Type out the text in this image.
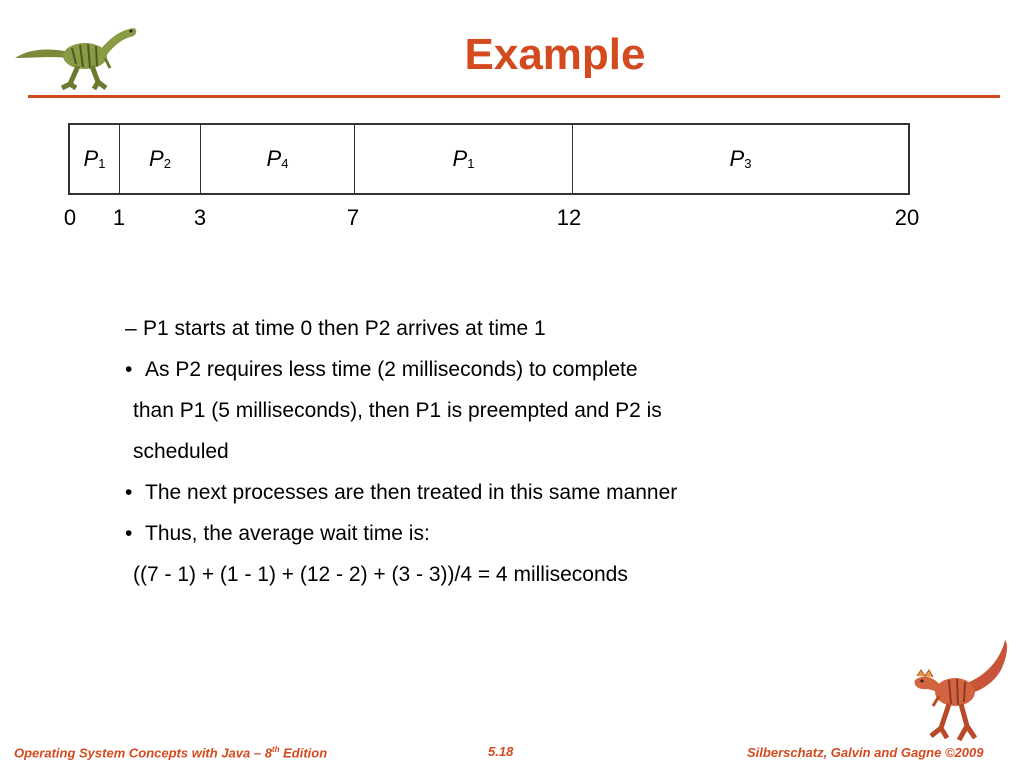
Example
$P_1$ $P_2$	$P_4$	$P_1$	$P_3$
0 1	3	7	12	20
– P1 starts at time 0 then P2 arrives at time 1
• As P2 requires less time (2 milliseconds) to complete
than P1 (5 milliseconds), then P1 is preempted and P2 is
scheduled
• The next processes are then treated in this same manner
• Thus, the average wait time is:
((7 - 1) + (1 - 1) + (12 - 2) + (3 - 3))/4 = 4 milliseconds
Operating System Concepts with Java – 8th Edition	5.18	Silberschatz, Galvin and Gagne ©2009
